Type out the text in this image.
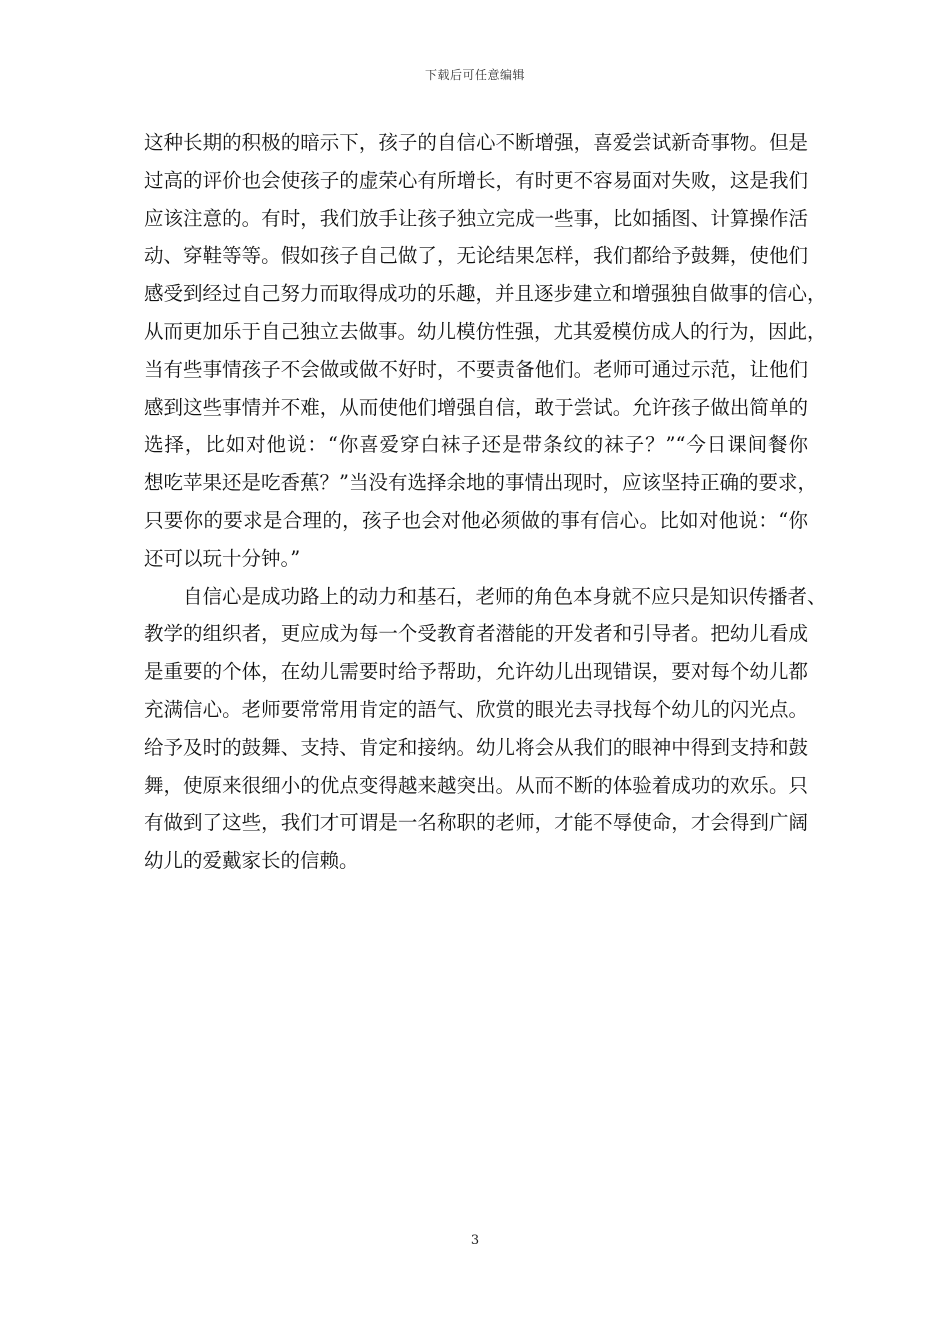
下载后可任意编辑

这种长期的积极的暗示下，孩子的自信心不断增强，喜爱尝试新奇事物。但是
过高的评价也会使孩子的虚荣心有所增长，有时更不容易面对失败，这是我们
应该注意的。有时，我们放手让孩子独立完成一些事，比如插图、计算操作活
动、穿鞋等等。假如孩子自己做了，无论结果怎样，我们都给予鼓舞，使他们
感受到经过自己努力而取得成功的乐趣，并且逐步建立和增强独自做事的信心，
从而更加乐于自己独立去做事。幼儿模仿性强，尤其爱模仿成人的行为，因此，
当有些事情孩子不会做或做不好时，不要责备他们。老师可通过示范，让他们
感到这些事情并不难，从而使他们增强自信，敢于尝试。允许孩子做出简单的
选择，比如对他说：“你喜爱穿白袜子还是带条纹的袜子？”“今日课间餐你
想吃苹果还是吃香蕉？”当没有选择余地的事情出现时，应该坚持正确的要求，
只要你的要求是合理的，孩子也会对他必须做的事有信心。比如对他说：“你
还可以玩十分钟。”

自信心是成功路上的动力和基石，老师的角色本身就不应只是知识传播者、
教学的组织者，更应成为每一个受教育者潜能的开发者和引导者。把幼儿看成
是重要的个体，在幼儿需要时给予帮助，允许幼儿出现错误，要对每个幼儿都
充满信心。老师要常常用肯定的語气、欣赏的眼光去寻找每个幼儿的闪光点。
给予及时的鼓舞、支持、肯定和接纳。幼儿将会从我们的眼神中得到支持和鼓
舞，使原来很细小的优点变得越来越突出。从而不断的体验着成功的欢乐。只
有做到了这些，我们才可谓是一名称职的老师，才能不辱使命，才会得到广阔
幼儿的爱戴家长的信赖。

3
